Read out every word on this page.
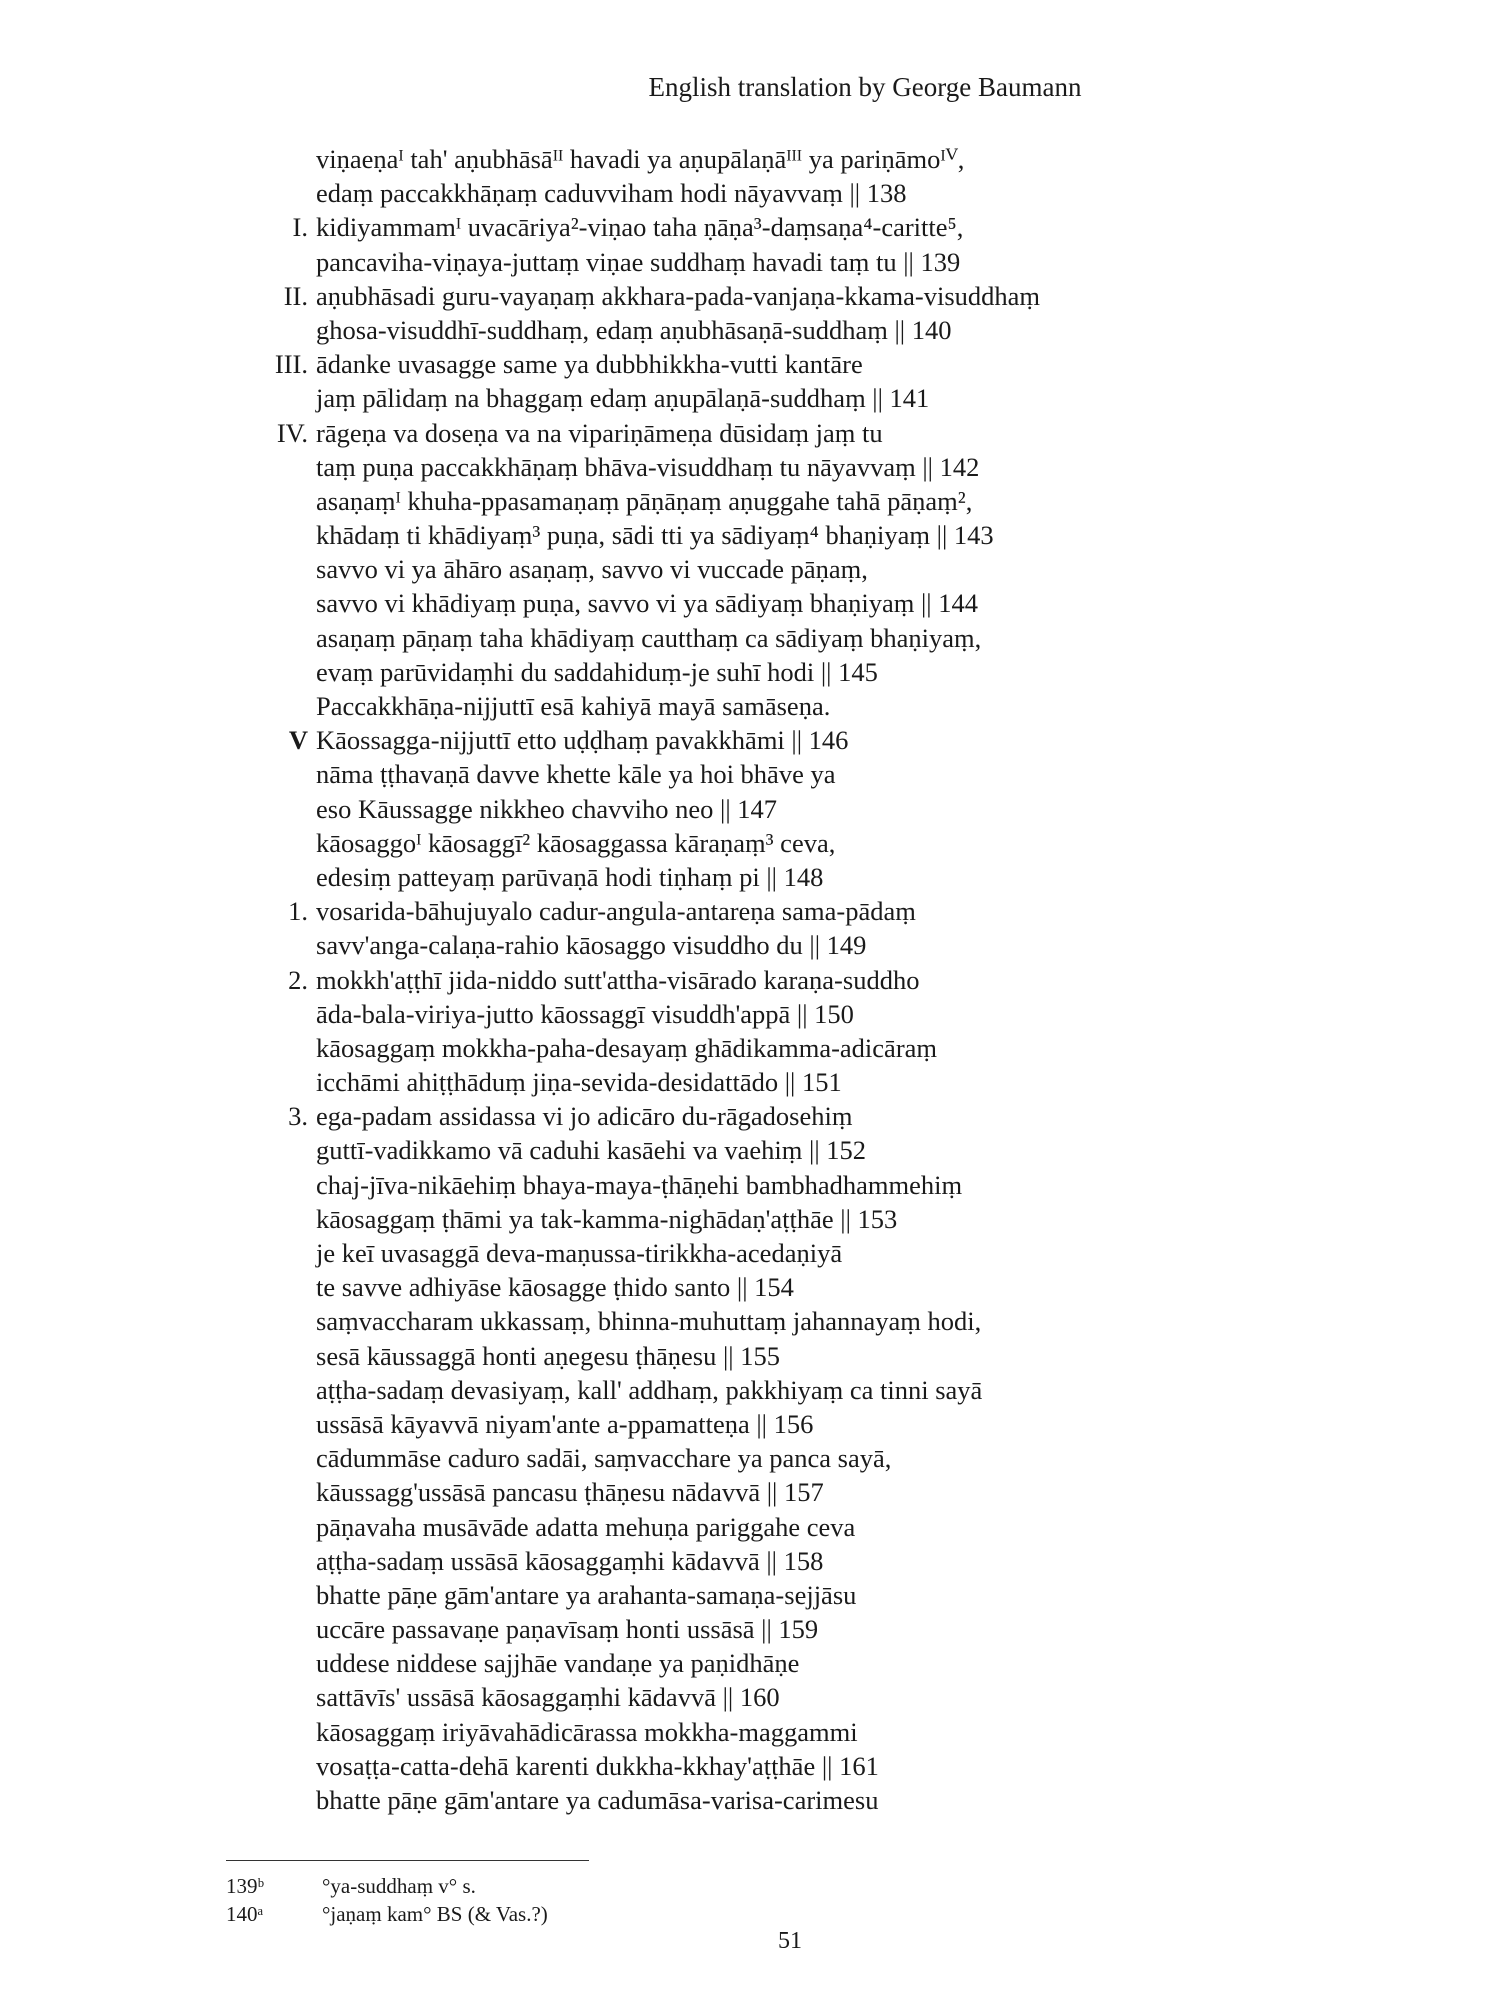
English translation by George Baumann
viṇaeṇaᴵ tah' aṇubhāsāᴵᴵ havadi ya aṇupālaṇāᴵᴵᴵ ya pariṇāmoᴵⱽ,
edaṃ paccakkhāṇaṃ caduvviham hodi nāyavvaṃ || 138
I. kidiyammamᴵ uvacāriya²-viṇao taha ṇāṇa³-daṃsaṇa⁴-caritte⁵,
pancaviha-viṇaya-juttaṃ viṇae suddhaṃ havadi taṃ tu || 139
II. aṇubhāsadi guru-vayaṇaṃ akkhara-pada-vanjaṇa-kkama-visuddhaṃ
ghosa-visuddhī-suddhaṃ, edaṃ aṇubhāsaṇā-suddhaṃ || 140
III. ādanke uvasagge same ya dubbhikkha-vutti kantāre
jaṃ pālidaṃ na bhaggaṃ edaṃ aṇupālaṇā-suddhaṃ || 141
IV. rāgeṇa va doseṇa va na vipariṇāmeṇa dūsidaṃ jaṃ tu
taṃ puṇa paccakkhāṇaṃ bhāva-visuddhaṃ tu nāyavvaṃ || 142
asaṇaṃᴵ khuha-ppasamaṇaṃ pāṇāṇaṃ aṇuggahe tahā pāṇaṃ²,
khādaṃ ti khādiyaṃ³ puṇa, sādi tti ya sādiyaṃ⁴ bhaṇiyaṃ || 143
savvo vi ya āhāro asaṇaṃ, savvo vi vuccade pāṇaṃ,
savvo vi khādiyaṃ puṇa, savvo vi ya sādiyaṃ bhaṇiyaṃ || 144
asaṇaṃ pāṇaṃ taha khādiyaṃ cautthaṃ ca sādiyaṃ bhaṇiyaṃ,
evaṃ parūvidaṃhi du saddahiduṃ-je suhī hodi || 145
Paccakkhāṇa-nijjuttī esā kahiyā mayā samāseṇa.
V Kāossagga-nijjuttī etto uḍḍhaṃ pavakkhāmi || 146
nāma ṭṭhavaṇā davve khette kāle ya hoi bhāve ya
eso Kāussagge nikkheo chavviho neo || 147
kāosaggoᴵ kāosaggī² kāosaggassa kāraṇaṃ³ ceva,
edesiṃ patteyaṃ parūvaṇā hodi tiṇhaṃ pi || 148
1. vosarida-bāhujuyalo cadur-angula-antareṇa sama-pādaṃ
savv'anga-calaṇa-rahio kāosaggo visuddho du || 149
2. mokkh'aṭṭhī jida-niddo sutt'attha-visārado karaṇa-suddho
āda-bala-viriya-jutto kāossaggī visuddh'appā || 150
kāosaggaṃ mokkha-paha-desayaṃ ghādikamma-adicāraṃ
icchāmi ahiṭṭhāduṃ jiṇa-sevida-desidattādo || 151
3. ega-padam assidassa vi jo adicāro du-rāgadosehiṃ
guttī-vadikkamo vā caduhi kasāehi va vaehiṃ || 152
chaj-jīva-nikāehiṃ bhaya-maya-ṭhāṇehi bambhadhammehiṃ
kāosaggaṃ ṭhāmi ya tak-kamma-nighādaṇ'aṭṭhāe || 153
je keī uvasaggā deva-maṇussa-tirikkha-acedaṇiyā
te savve adhiyāse kāosagge ṭhido santo || 154
saṃvaccharam ukkassaṃ, bhinna-muhuttaṃ jahannayaṃ hodi,
sesā kāussaggā honti aṇegesu ṭhāṇesu || 155
aṭṭha-sadaṃ devasiyaṃ, kall' addhaṃ, pakkhiyaṃ ca tinni sayā
ussāsā kāyavvā niyam'ante a-ppamatteṇa || 156
cādummāse caduro sadāi, saṃvacchare ya panca sayā,
kāussagg'ussāsā pancasu ṭhāṇesu nādavvā || 157
pāṇavaha musāvāde adatta mehuṇa pariggahe ceva
aṭṭha-sadaṃ ussāsā kāosaggaṃhi kādavvā || 158
bhatte pāṇe gām'antare ya arahanta-samaṇa-sejjāsu
uccāre passavaṇe paṇavīsaṃ honti ussāsā || 159
uddese niddese sajjhāe vandaṇe ya paṇidhāṇe
sattāvīs' ussāsā kāosaggaṃhi kādavvā || 160
kāosaggaṃ iriyāvahādicārassa mokkha-maggammi
vosaṭṭa-catta-dehā karenti dukkha-kkhay'aṭṭhāe || 161
bhatte pāṇe gām'antare ya cadumāsa-varisa-carimesu
139ᵇ	°ya-suddhaṃ v° s.
140ᵃ	°jaṇaṃ kam° BS (& Vas.?)
51
